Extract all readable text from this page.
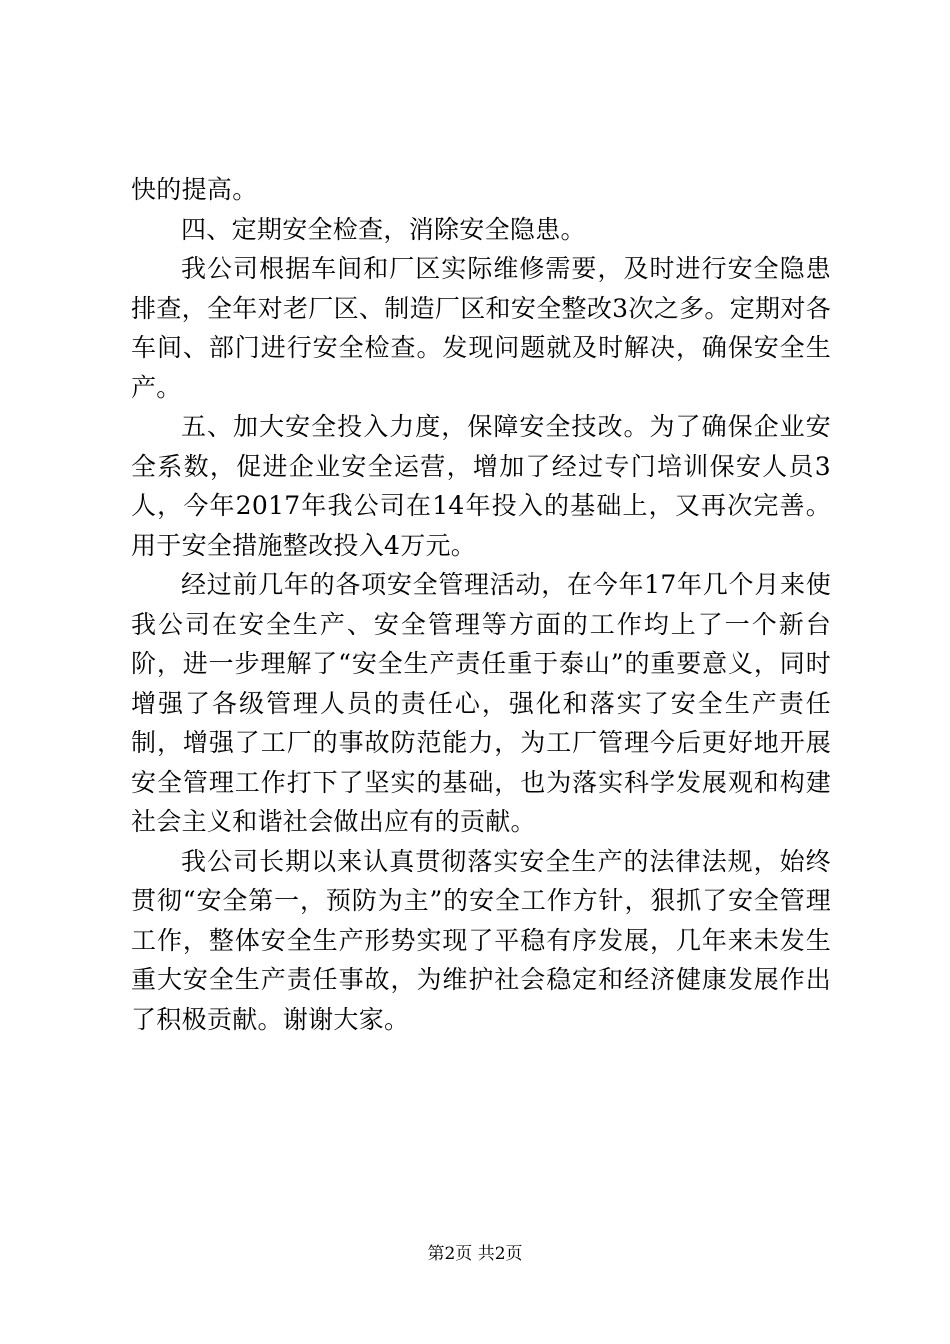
快的提高。

四、定期安全检查，消除安全隐患。

我公司根据车间和厂区实际维修需要，及时进行安全隐患排查，全年对老厂区、制造厂区和安全整改3次之多。定期对各车间、部门进行安全检查。发现问题就及时解决，确保安全生产。

五、加大安全投入力度，保障安全技改。为了确保企业安全系数，促进企业安全运营，增加了经过专门培训保安人员3人，今年2017年我公司在14年投入的基础上，又再次完善。用于安全措施整改投入4万元。

经过前几年的各项安全管理活动，在今年17年几个月来使我公司在安全生产、安全管理等方面的工作均上了一个新台阶，进一步理解了“安全生产责任重于泰山”的重要意义，同时增强了各级管理人员的责任心，强化和落实了安全生产责任制，增强了工厂的事故防范能力，为工厂管理今后更好地开展安全管理工作打下了坚实的基础，也为落实科学发展观和构建社会主义和谐社会做出应有的贡献。

我公司长期以来认真贯彻落实安全生产的法律法规，始终贯彻“安全第一，预防为主”的安全工作方针，狠抓了安全管理工作，整体安全生产形势实现了平稳有序发展，几年来未发生重大安全生产责任事故，为维护社会稳定和经济健康发展作出了积极贡献。谢谢大家。

第2页 共2页
